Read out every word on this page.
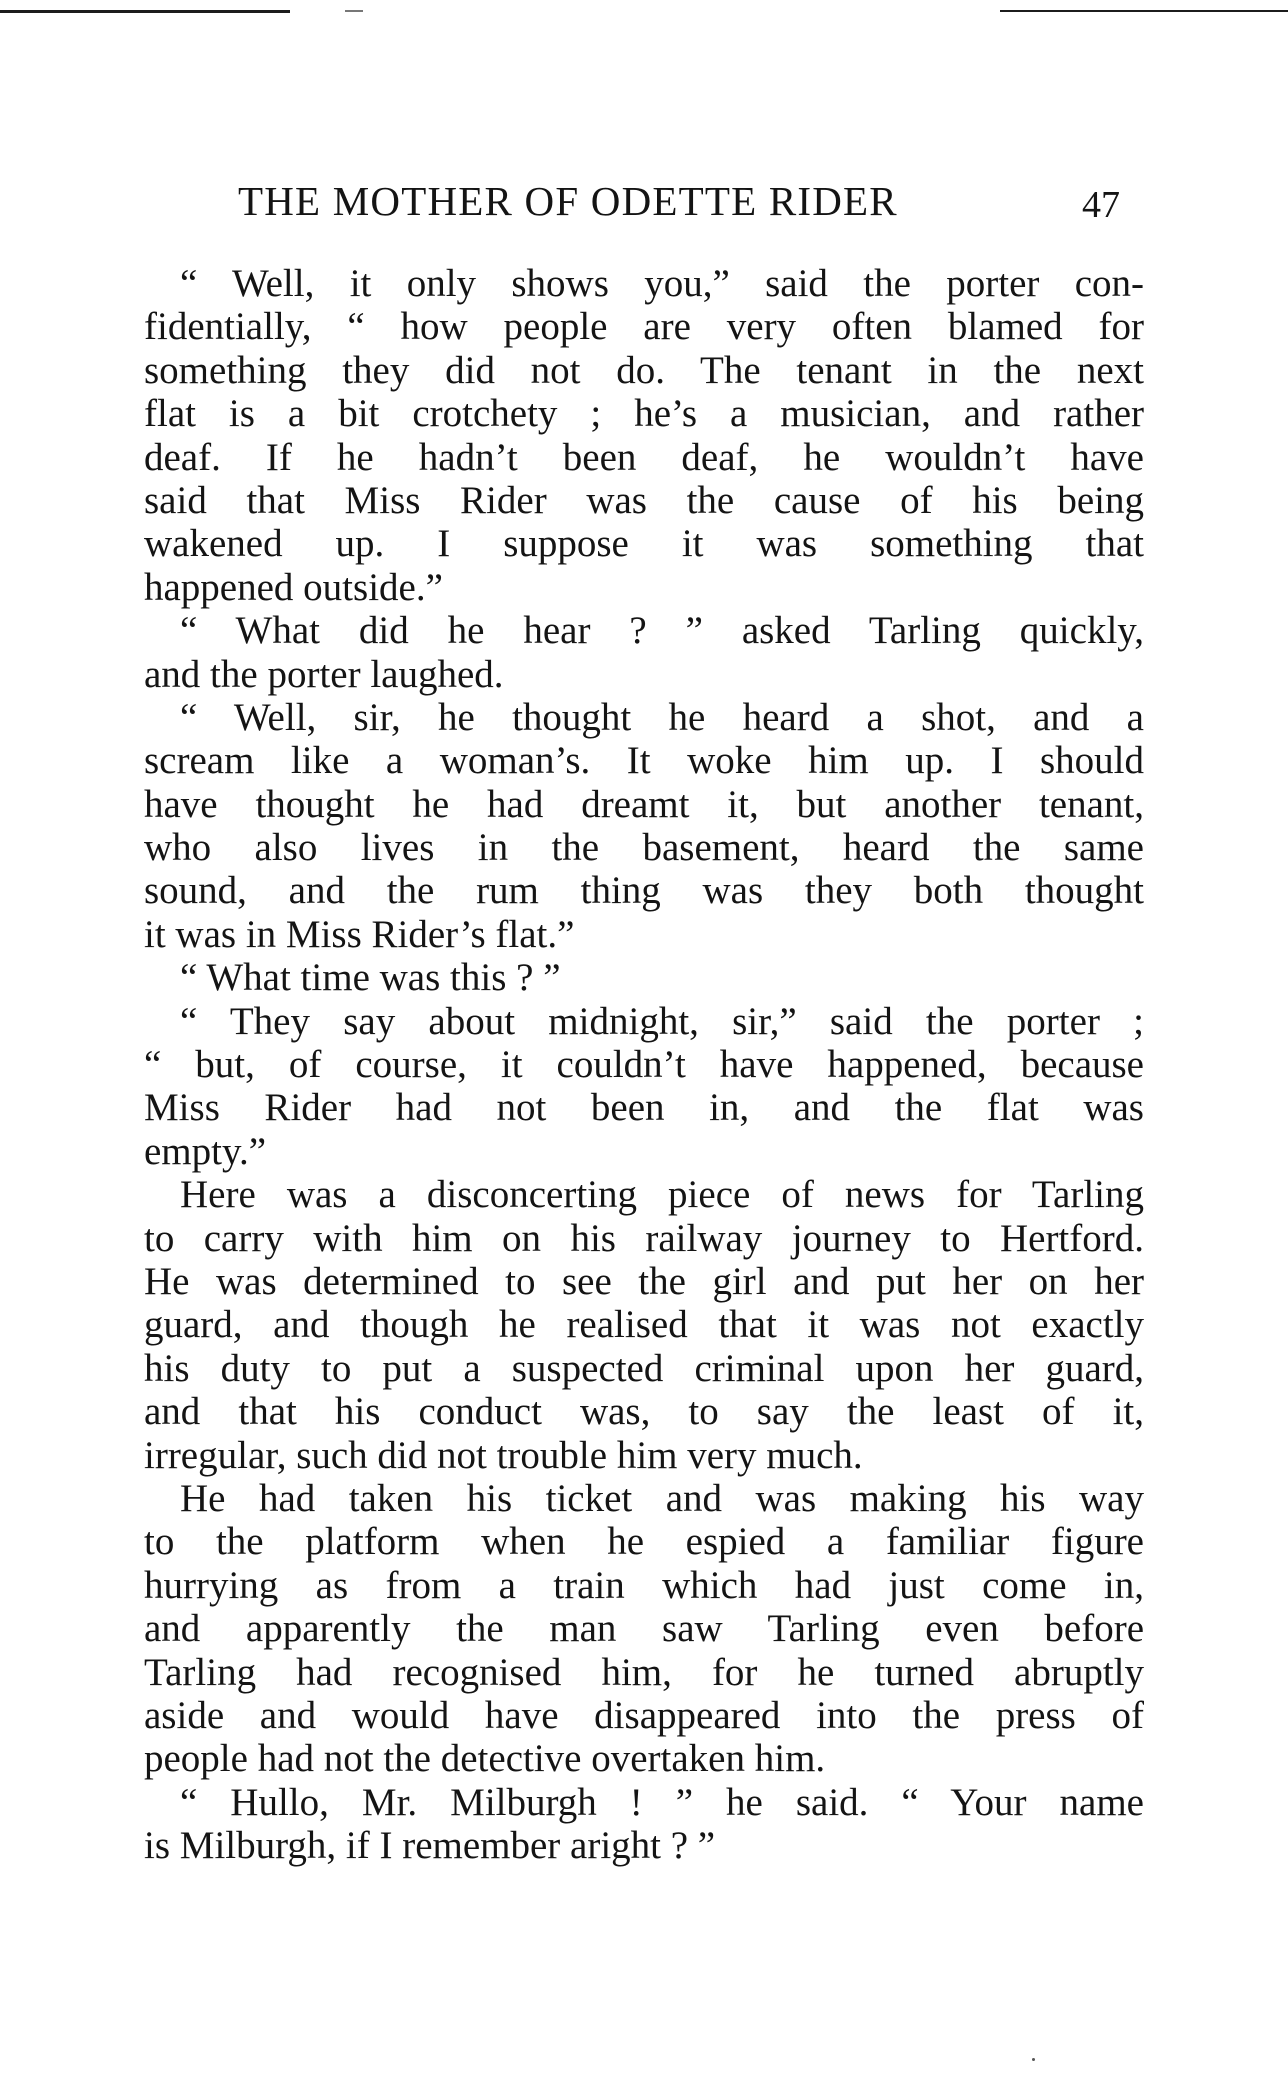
THE MOTHER OF ODETTE RIDER	47
“ Well, it only shows you,” said the porter con-
fidentially, “ how people are very often blamed for
something they did not do. The tenant in the next
flat is a bit crotchety ; he’s a musician, and rather
deaf. If he hadn’t been deaf, he wouldn’t have
said that Miss Rider was the cause of his being
wakened up. I suppose it was something that
happened outside.”
“ What did he hear ? ” asked Tarling quickly,
and the porter laughed.
“ Well, sir, he thought he heard a shot, and a
scream like a woman’s. It woke him up. I should
have thought he had dreamt it, but another tenant,
who also lives in the basement, heard the same
sound, and the rum thing was they both thought
it was in Miss Rider’s flat.”
“ What time was this ? ”
“ They say about midnight, sir,” said the porter ;
“ but, of course, it couldn’t have happened, because
Miss Rider had not been in, and the flat was
empty.”
Here was a disconcerting piece of news for Tarling
to carry with him on his railway journey to Hertford.
He was determined to see the girl and put her on her
guard, and though he realised that it was not exactly
his duty to put a suspected criminal upon her guard,
and that his conduct was, to say the least of it,
irregular, such did not trouble him very much.
He had taken his ticket and was making his way
to the platform when he espied a familiar figure
hurrying as from a train which had just come in,
and apparently the man saw Tarling even before
Tarling had recognised him, for he turned abruptly
aside and would have disappeared into the press of
people had not the detective overtaken him.
“ Hullo, Mr. Milburgh ! ” he said. “ Your name
is Milburgh, if I remember aright ? ”
